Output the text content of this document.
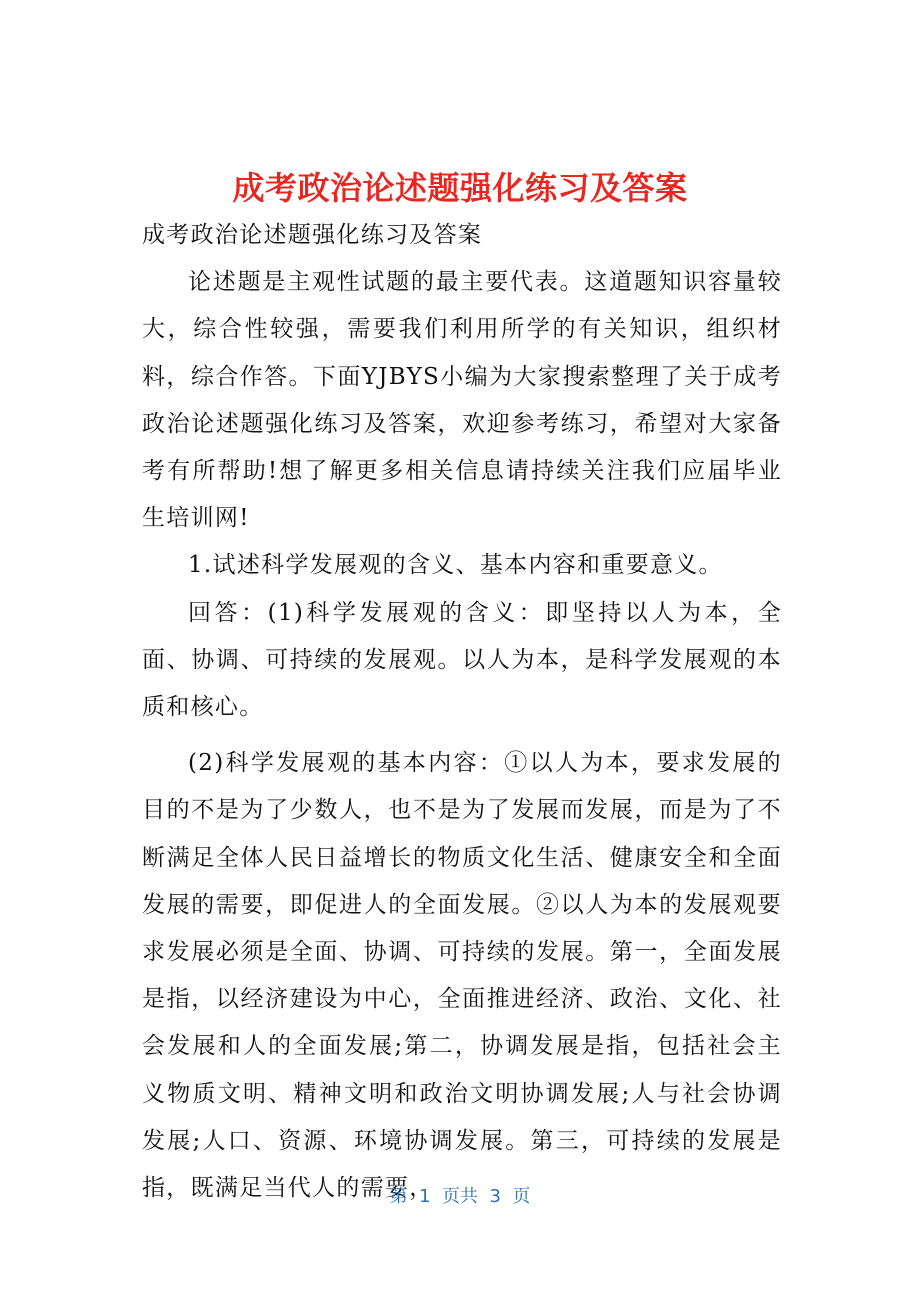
成考政治论述题强化练习及答案

成考政治论述题强化练习及答案

论述题是主观性试题的最主要代表。这道题知识容量较大，综合性较强，需要我们利用所学的有关知识，组织材料，综合作答。下面YJBYS小编为大家搜索整理了关于成考政治论述题强化练习及答案，欢迎参考练习，希望对大家备考有所帮助!想了解更多相关信息请持续关注我们应届毕业生培训网!

1.试述科学发展观的含义、基本内容和重要意义。

回答：(1)科学发展观的含义：即坚持以人为本，全面、协调、可持续的发展观。以人为本，是科学发展观的本质和核心。

(2)科学发展观的基本内容：①以人为本，要求发展的目的不是为了少数人，也不是为了发展而发展，而是为了不断满足全体人民日益增长的物质文化生活、健康安全和全面发展的需要，即促进人的全面发展。②以人为本的发展观要求发展必须是全面、协调、可持续的发展。第一，全面发展是指，以经济建设为中心，全面推进经济、政治、文化、社会发展和人的全面发展;第二，协调发展是指，包括社会主义物质文明、精神文明和政治文明协调发展;人与社会协调发展;人口、资源、环境协调发展。第三，可持续的发展是指，既满足当代人的需要，

第  1  页共  3  页
